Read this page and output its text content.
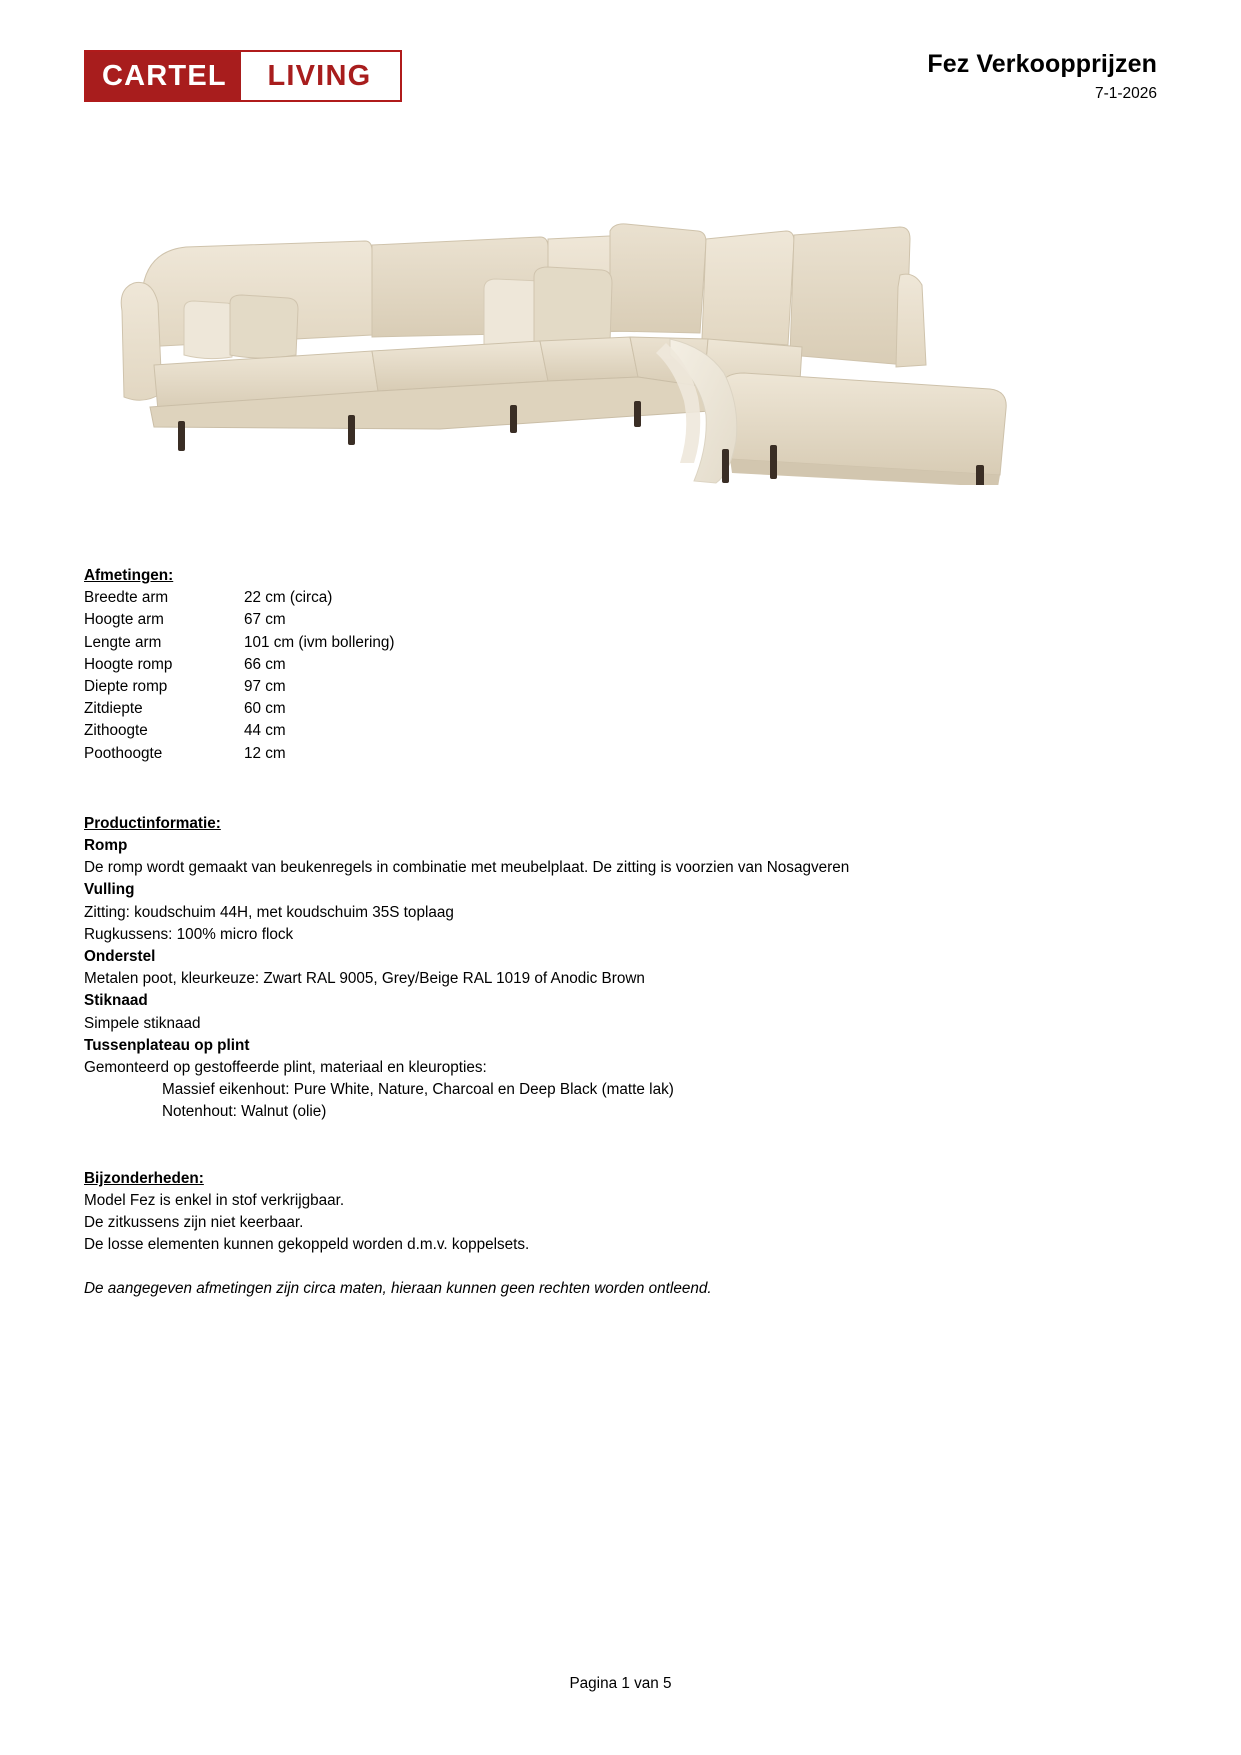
CARTEL	LIVING	Fez Verkoopprijzen
7-1-2026
Afmetingen:
Breedte arm	22 cm (circa)
Hoogte arm	67 cm
Lengte arm	101 cm (ivm bollering)
Hoogte romp	66 cm
Diepte romp	97 cm
Zitdiepte	60 cm
Zithoogte	44 cm
Poothoogte	12 cm
Productinformatie:
Romp
De romp wordt gemaakt van beukenregels in combinatie met meubelplaat. De zitting is voorzien van Nosagveren
Vulling
Zitting: koudschuim 44H, met koudschuim 35S toplaag
Rugkussens: 100% micro flock
Onderstel
Metalen poot, kleurkeuze: Zwart RAL 9005, Grey/Beige RAL 1019 of Anodic Brown
Stiknaad
Simpele stiknaad
Tussenplateau op plint
Gemonteerd op gestoffeerde plint, materiaal en kleuropties:
Massief eikenhout: Pure White, Nature, Charcoal en Deep Black (matte lak)
Notenhout: Walnut (olie)
Bijzonderheden:
Model Fez is enkel in stof verkrijgbaar.
De zitkussens zijn niet keerbaar.
De losse elementen kunnen gekoppeld worden d.m.v. koppelsets.
De aangegeven afmetingen zijn circa maten, hieraan kunnen geen rechten worden ontleend.
Pagina 1 van 5
